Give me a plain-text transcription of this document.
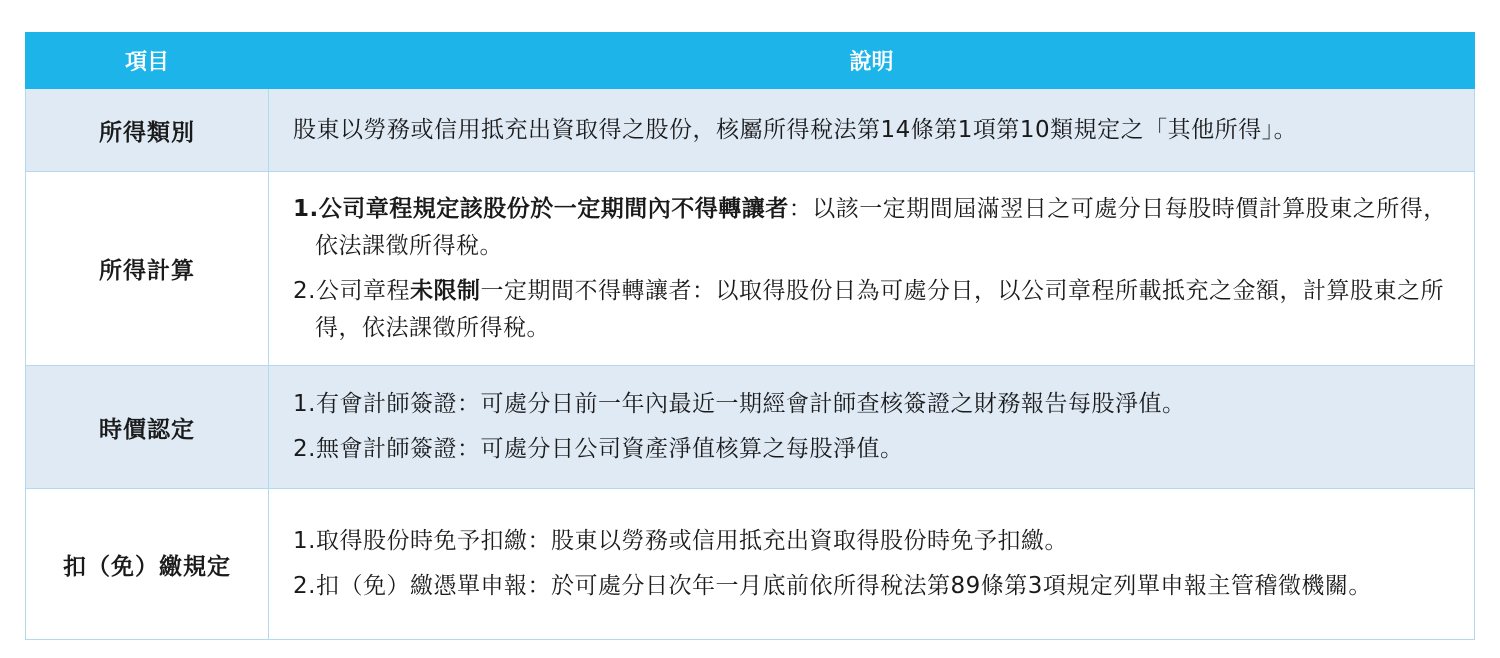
項目	說明
所得類別	股東以勞務或信用抵充出資取得之股份，核屬所得稅法第14條第1項第10類規定之「其他所得」。

所得計算	1.公司章程規定該股份於一定期間內不得轉讓者：以該一定期間屆滿翌日之可處分日每股時價計算股東之所得，依法課徵所得稅。

2.公司章程未限制一定期間不得轉讓者：以取得股份日為可處分日，以公司章程所載抵充之金額，計算股東之所得，依法課徵所得稅。

時價認定	1.有會計師簽證：可處分日前一年內最近一期經會計師查核簽證之財務報告每股淨值。

2.無會計師簽證：可處分日公司資產淨值核算之每股淨值。

扣（免）繳規定	1.取得股份時免予扣繳：股東以勞務或信用抵充出資取得股份時免予扣繳。

2.扣（免）繳憑單申報：於可處分日次年一月底前依所得稅法第89條第3項規定列單申報主管稽徵機關。
